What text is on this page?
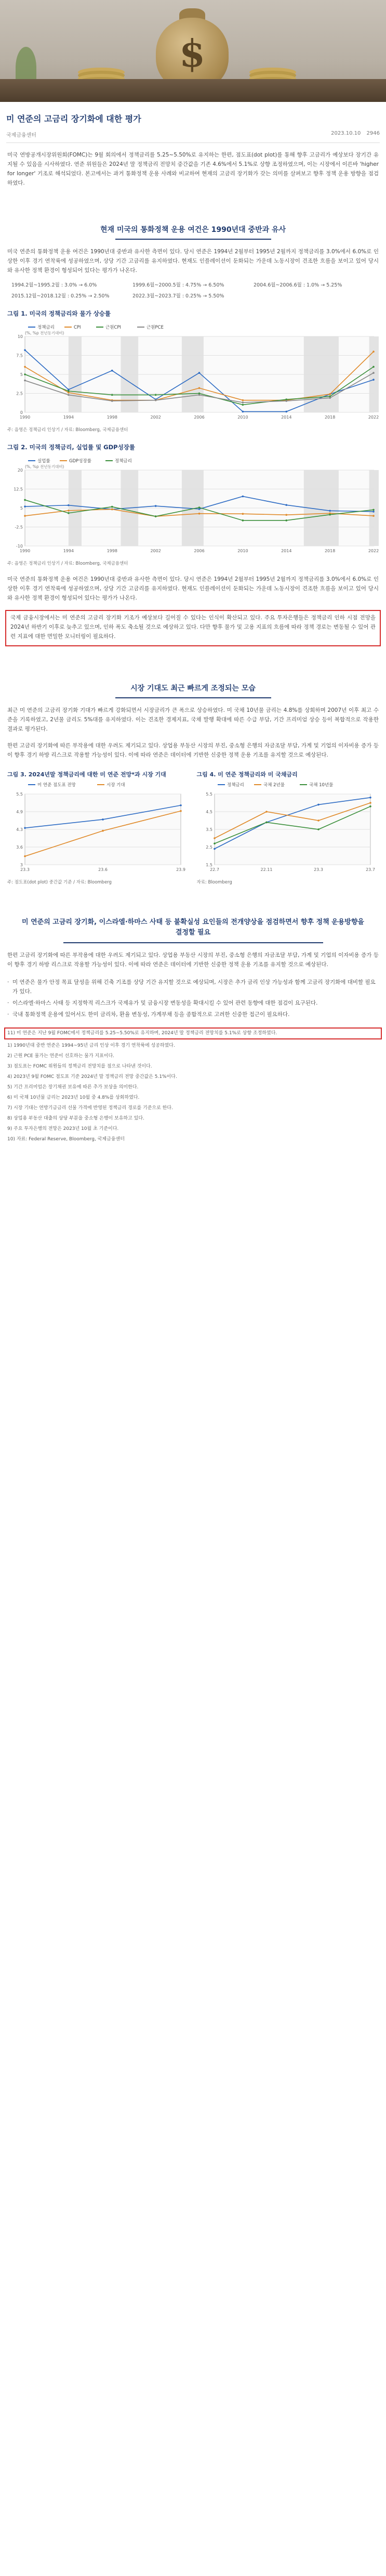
$
미 연준의 고금리 장기화에 대한 평가
국제금융센터	2023.10.10 2946

미국 연방공개시장위원회(FOMC)는 9월 회의에서 정책금리를 5.25~5.50%로 유지하는 한편, 점도표(dot plot)를 통해 향후 고금리가 예상보다 장기간 유지될 수 있음을 시사하였다. 연준 위원들은 2024년 말 정책금리 전망치 중간값을 기존 4.6%에서 5.1%로 상향 조정하였으며, 이는 시장에서 이른바 'higher for longer' 기조로 해석되었다. 본고에서는 과거 통화정책 운용 사례와 비교하여 현재의 고금리 장기화가 갖는 의미를 살펴보고 향후 정책 운용 방향을 점검하였다.

현재 미국의 통화정책 운용 여건은 1990년대 중반과 유사

미국 연준의 통화정책 운용 여건은 1990년대 중반과 유사한 측면이 있다. 당시 연준은 1994년 2월부터 1995년 2월까지 정책금리를 3.0%에서 6.0%로 인상한 이후 경기 연착륙에 성공하였으며, 상당 기간 고금리를 유지하였다. 현재도 인플레이션이 둔화되는 가운데 노동시장이 견조한 흐름을 보이고 있어 당시와 유사한 정책 환경이 형성되어 있다는 평가가 나온다.

1994.2월~1995.2월 : 3.0% → 6.0%	1999.6월~2000.5월 : 4.75% → 6.50%	2004.6월~2006.6월 : 1.0% → 5.25%
2015.12월~2018.12월 : 0.25% → 2.50%	2022.3월~2023.7월 : 0.25% → 5.50%
그림 1. 미국의 정책금리와 물가 상승률
0
2.5
5
7.5
10
1990	1994	1998	2002	2006	2010	2014	2018	2022
정책금리	CPI	근원CPI	근원PCE
(%, %p 전년동기대비)
주: 음영은 정책금리 인상기 / 자료: Bloomberg, 국제금융센터
그림 2. 미국의 정책금리, 실업률 및 GDP성장률
-10
-2.5
5
12.5
20
1990	1994	1998	2002	2006	2010	2014	2018	2022
실업률	GDP성장률	정책금리
(%, %p 전년동기대비)
주: 음영은 정책금리 인상기 / 자료: Bloomberg, 국제금융센터

미국 연준의 통화정책 운용 여건은 1990년대 중반과 유사한 측면이 있다. 당시 연준은 1994년 2월부터 1995년 2월까지 정책금리를 3.0%에서 6.0%로 인상한 이후 경기 연착륙에 성공하였으며, 상당 기간 고금리를 유지하였다. 현재도 인플레이션이 둔화되는 가운데 노동시장이 견조한 흐름을 보이고 있어 당시와 유사한 정책 환경이 형성되어 있다는 평가가 나온다.

국제 금융시장에서는 미 연준의 고금리 장기화 기조가 예상보다 길어질 수 있다는 인식이 확산되고 있다. 주요 투자은행들은 정책금리 인하 시점 전망을 2024년 하반기 이후로 늦추고 있으며, 인하 폭도 축소될 것으로 예상하고 있다. 다만 향후 물가 및 고용 지표의 흐름에 따라 정책 경로는 변동될 수 있어 관련 지표에 대한 면밀한 모니터링이 필요하다.

시장 기대도 최근 빠르게 조정되는 모습

최근 미 연준의 고금리 장기화 기대가 빠르게 강화되면서 시장금리가 큰 폭으로 상승하였다. 미 국채 10년물 금리는 4.8%를 상회하며 2007년 이후 최고 수준을 기록하였고, 2년물 금리도 5%대를 유지하였다. 이는 견조한 경제지표, 국채 발행 확대에 따른 수급 부담, 기간 프리미엄 상승 등이 복합적으로 작용한 결과로 평가된다.

한편 고금리 장기화에 따른 부작용에 대한 우려도 제기되고 있다. 상업용 부동산 시장의 부진, 중소형 은행의 자금조달 부담, 가계 및 기업의 이자비용 증가 등이 향후 경기 하방 리스크로 작용할 가능성이 있다. 이에 따라 연준은 데이터에 기반한 신중한 정책 운용 기조를 유지할 것으로 예상된다.

그림 3. 2024년말 정책금리에 대한 미 연준 전망*과 시장 기대
3
3.6
4.3
4.9
5.5
23.3	23.6	23.9
미 연준 점도표 전망	시장 기대
주: 점도표(dot plot) 중간값 기준 / 자료: Bloomberg
그림 4. 미 연준 정책금리와 미 국채금리
1.5
2.5
3.5
4.5
5.5
22.7	22.11	23.3	23.7
정책금리	국채 2년물	국채 10년물
자료: Bloomberg
미 연준의 고금리 장기화, 이스라엘·하마스 사태 등 불확실성 요인들의 전개양상을 점검하면서 향후 정책 운용방향을 결정할 필요

한편 고금리 장기화에 따른 부작용에 대한 우려도 제기되고 있다. 상업용 부동산 시장의 부진, 중소형 은행의 자금조달 부담, 가계 및 기업의 이자비용 증가 등이 향후 경기 하방 리스크로 작용할 가능성이 있다. 이에 따라 연준은 데이터에 기반한 신중한 정책 운용 기조를 유지할 것으로 예상된다.

· 미 연준은 물가 안정 목표 달성을 위해 긴축 기조를 상당 기간 유지할 것으로 예상되며, 시장은 추가 금리 인상 가능성과 함께 고금리 장기화에 대비할 필요가 있다.
· 이스라엘·하마스 사태 등 지정학적 리스크가 국제유가 및 금융시장 변동성을 확대시킬 수 있어 관련 동향에 대한 점검이 요구된다.
· 국내 통화정책 운용에 있어서도 한미 금리차, 환율 변동성, 가계부채 등을 종합적으로 고려한 신중한 접근이 필요하다.
11) 미 연준은 지난 9월 FOMC에서 정책금리를 5.25~5.50%로 유지하며, 2024년 말 정책금리 전망치를 5.1%로 상향 조정하였다.
1) 1990년대 중반 연준은 1994~95년 금리 인상 이후 경기 연착륙에 성공하였다.
2) 근원 PCE 물가는 연준이 선호하는 물가 지표이다.
3) 점도표는 FOMC 위원들의 정책금리 전망치를 점으로 나타낸 것이다.
4) 2023년 9월 FOMC 점도표 기준 2024년 말 정책금리 전망 중간값은 5.1%이다.
5) 기간 프리미엄은 장기채권 보유에 따른 추가 보상을 의미한다.
6) 미 국채 10년물 금리는 2023년 10월 중 4.8%를 상회하였다.
7) 시장 기대는 연방기금금리 선물 가격에 반영된 정책금리 경로를 기준으로 한다.
8) 상업용 부동산 대출의 상당 부분을 중소형 은행이 보유하고 있다.
9) 주요 투자은행의 전망은 2023년 10월 초 기준이다.
10) 자료: Federal Reserve, Bloomberg, 국제금융센터
